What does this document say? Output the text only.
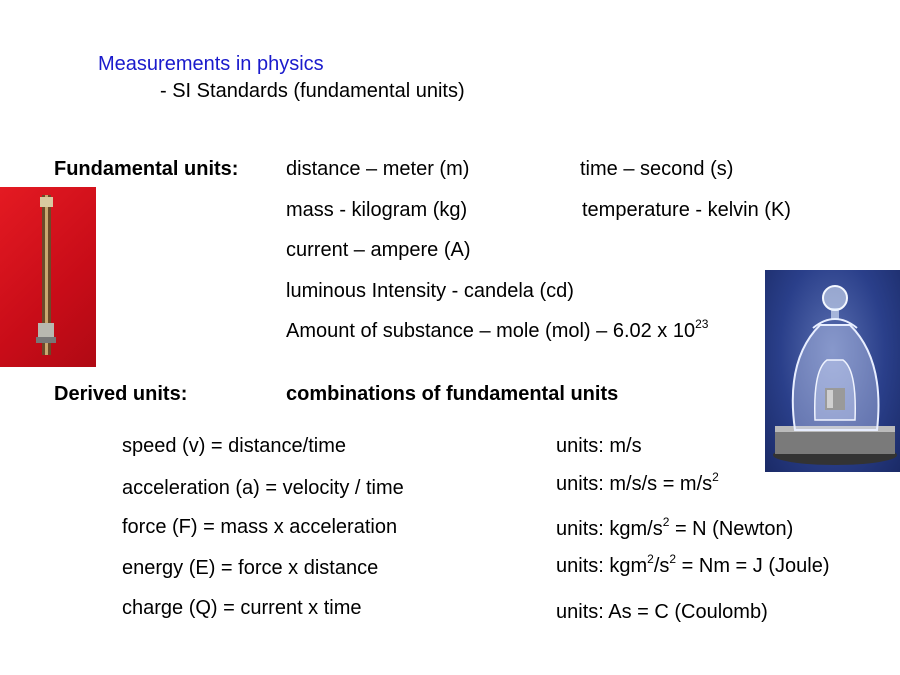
Measurements in physics
- SI Standards (fundamental units)
Fundamental units: distance – meter (m)	time – second (s)
mass - kilogram (kg)	temperature - kelvin (K)
current – ampere (A)
luminous Intensity - candela (cd)
Amount of substance – mole (mol) – 6.02 x $10^{23}$
Derived units:	combinations of fundamental units
speed (v) = distance/time	units: m/s
acceleration (a) = velocity / time	units: $m/s/s = m/s^2$
force (F) = mass x acceleration	units: kgm/$s^2 = N$ (Newton)
energy (E) = force x distance	units: $kgm^2/s^2 = Nm = J$ (Joule)
charge (Q) = current x time	units: As = C (Coulomb)
